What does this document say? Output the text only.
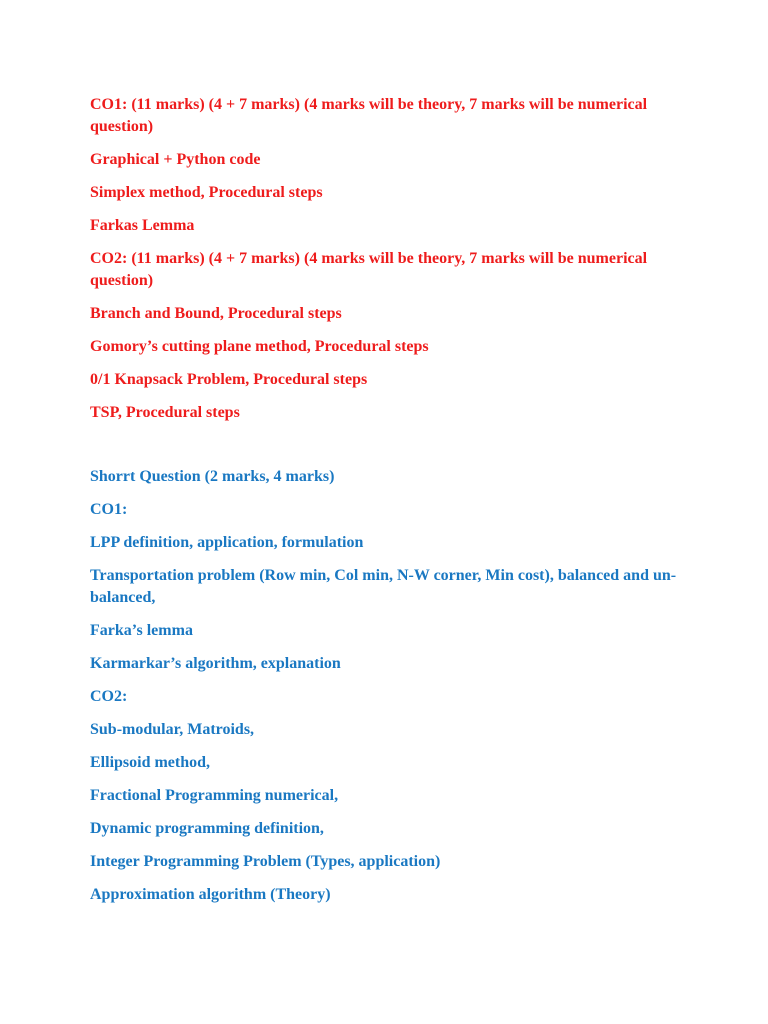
CO1: (11 marks) (4 + 7 marks) (4 marks will be theory, 7 marks will be numerical question)

Graphical + Python code

Simplex method, Procedural steps

Farkas Lemma

CO2: (11 marks) (4 + 7 marks) (4 marks will be theory, 7 marks will be numerical question)

Branch and Bound, Procedural steps

Gomory’s cutting plane method, Procedural steps

0/1 Knapsack Problem, Procedural steps

TSP, Procedural steps

Shorrt Question (2 marks, 4 marks)

CO1:

LPP definition, application, formulation

Transportation problem (Row min, Col min, N-W corner, Min cost), balanced and un-balanced,

Farka’s lemma

Karmarkar’s algorithm, explanation

CO2:

Sub-modular, Matroids,

Ellipsoid method,

Fractional Programming numerical,

Dynamic programming definition,

Integer Programming Problem (Types, application)

Approximation algorithm (Theory)
